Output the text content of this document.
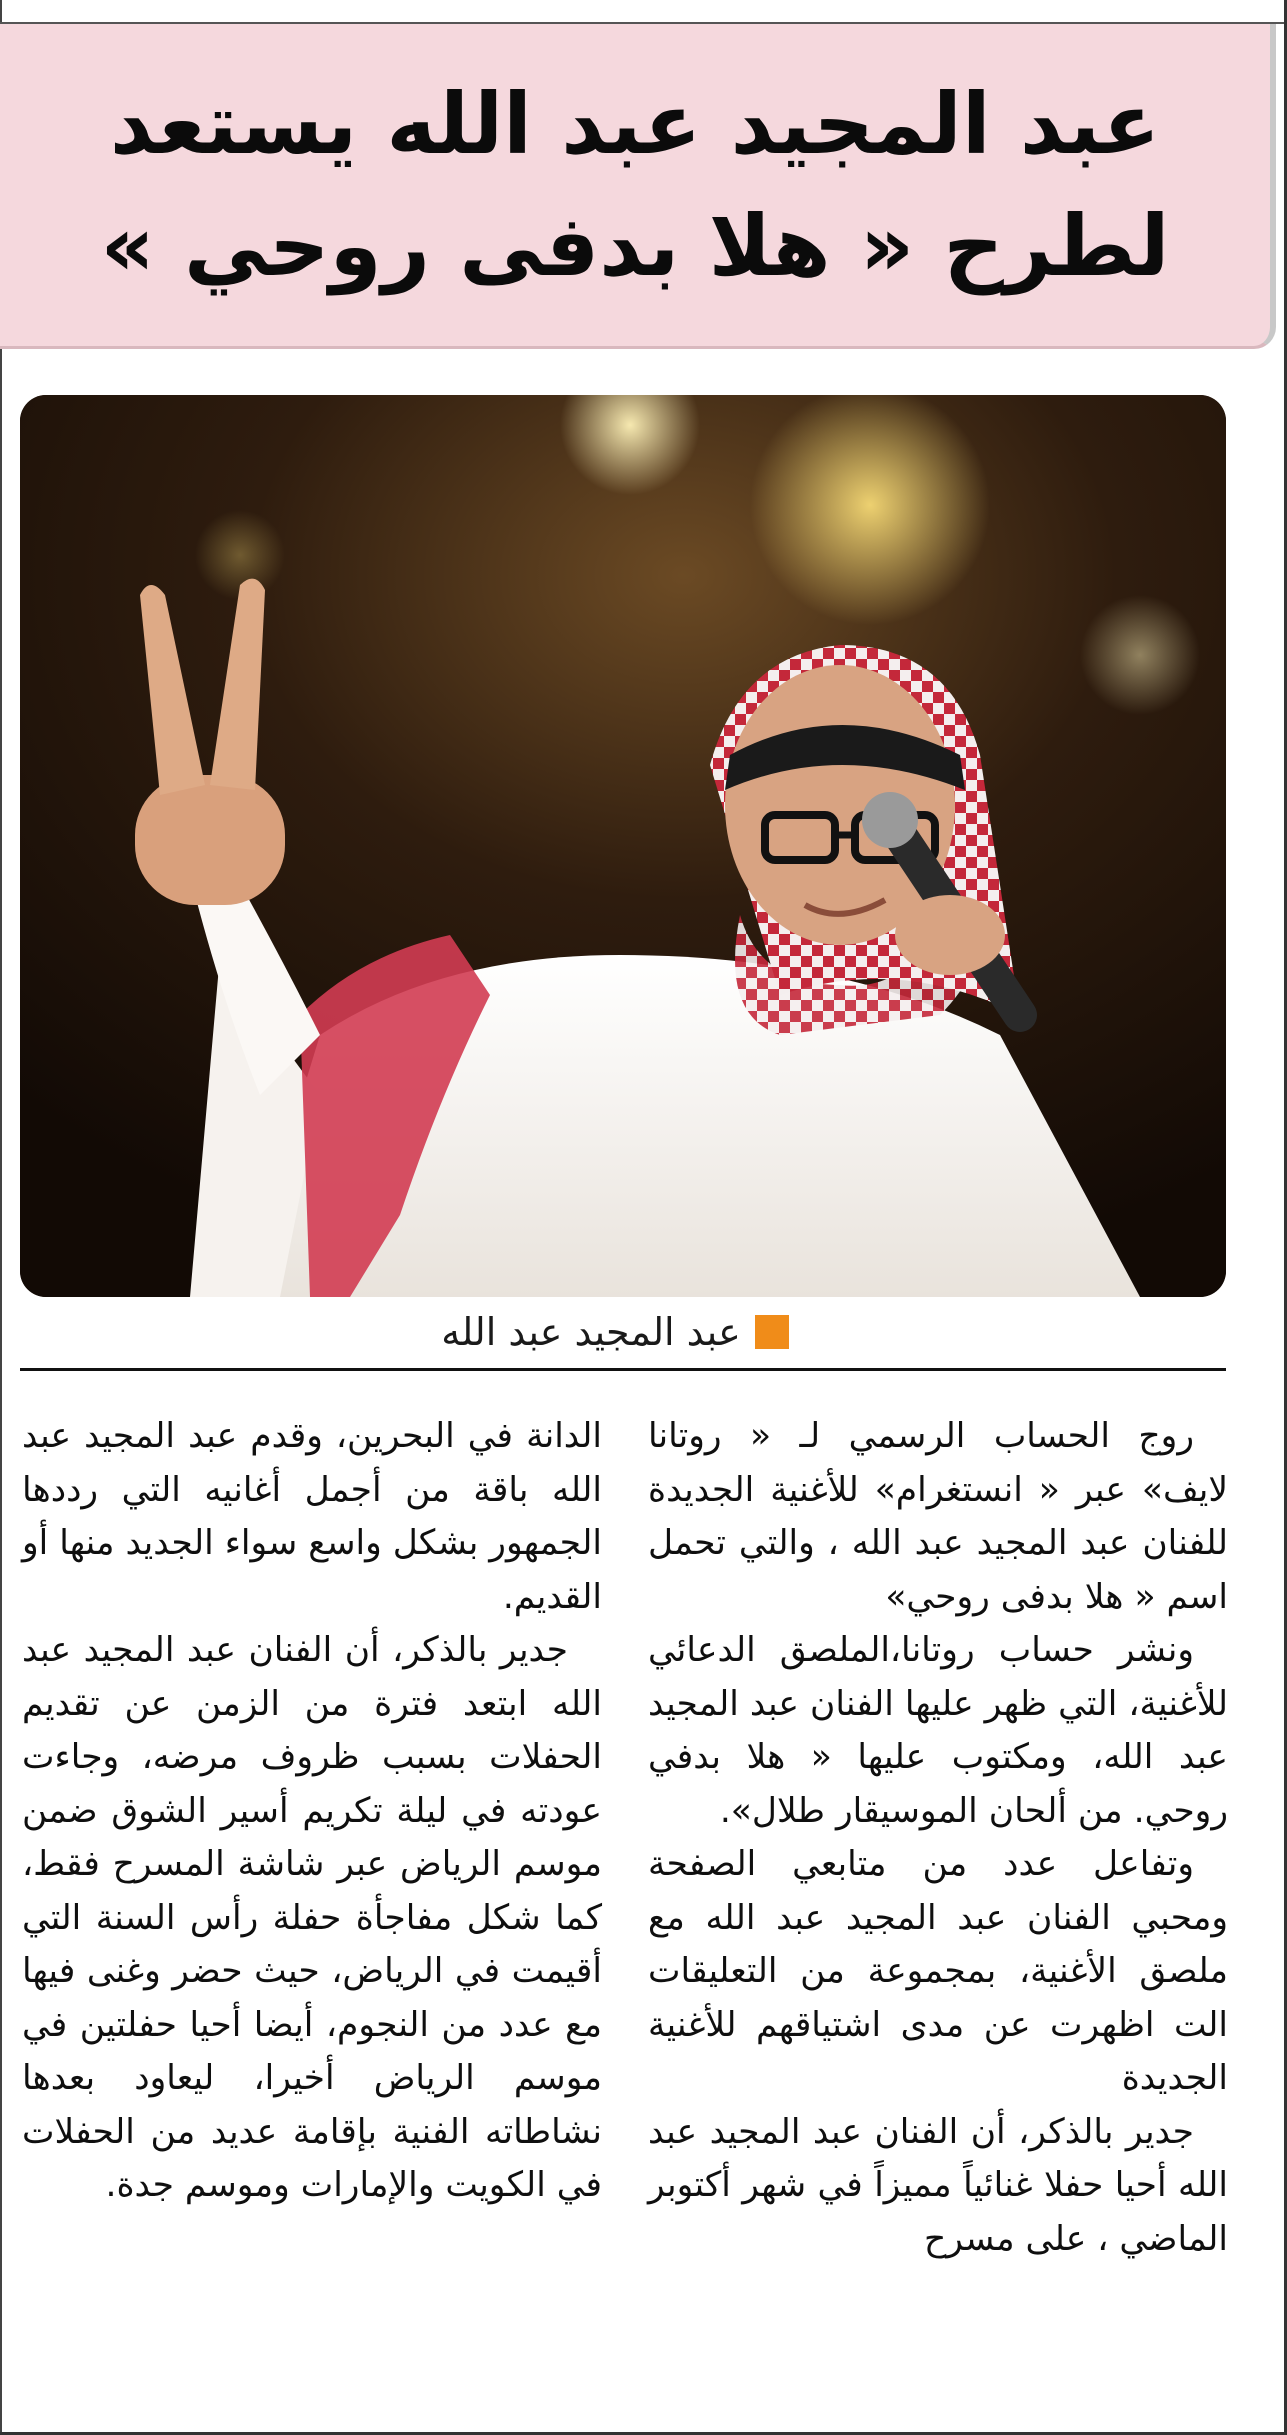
عبد المجيد عبد الله يستعد
لطرح « هلا بدفى روحي »
عبد المجيد عبد الله

روج الحساب الرسمي لـ « روتانا لايف» عبر « انستغرام» للأغنية الجديدة للفنان عبد المجيد عبد الله ، والتي تحمل اسم « هلا بدفى روحي»

ونشر حساب روتانا،الملصق الدعائي للأغنية، التي ظهر عليها الفنان عبد المجيد عبد الله، ومكتوب عليها « هلا بدفي روحي. من ألحان الموسيقار طلال».

وتفاعل عدد من متابعي الصفحة ومحبي الفنان عبد المجيد عبد الله مع ملصق الأغنية، بمجموعة من التعليقات الت اظهرت عن مدى اشتياقهم للأغنية الجديدة

جدير بالذكر، أن الفنان عبد المجيد عبد الله أحيا حفلا غنائياً مميزاً في شهر أكتوبر الماضي ، على مسرح

الدانة في البحرين، وقدم عبد المجيد عبد الله باقة من أجمل أغانيه التي رددها الجمهور بشكل واسع سواء الجديد منها أو القديم.

جدير بالذكر، أن الفنان عبد المجيد عبد الله ابتعد فترة من الزمن عن تقديم الحفلات بسبب ظروف مرضه، وجاءت عودته في ليلة تكريم أسير الشوق ضمن موسم الرياض عبر شاشة المسرح فقط، كما شكل مفاجأة حفلة رأس السنة التي أقيمت في الرياض، حيث حضر وغنى فيها مع عدد من النجوم، أيضا أحيا حفلتين في موسم الرياض أخيرا، ليعاود بعدها نشاطاته الفنية بإقامة عديد من الحفلات في الكويت والإمارات وموسم جدة.
